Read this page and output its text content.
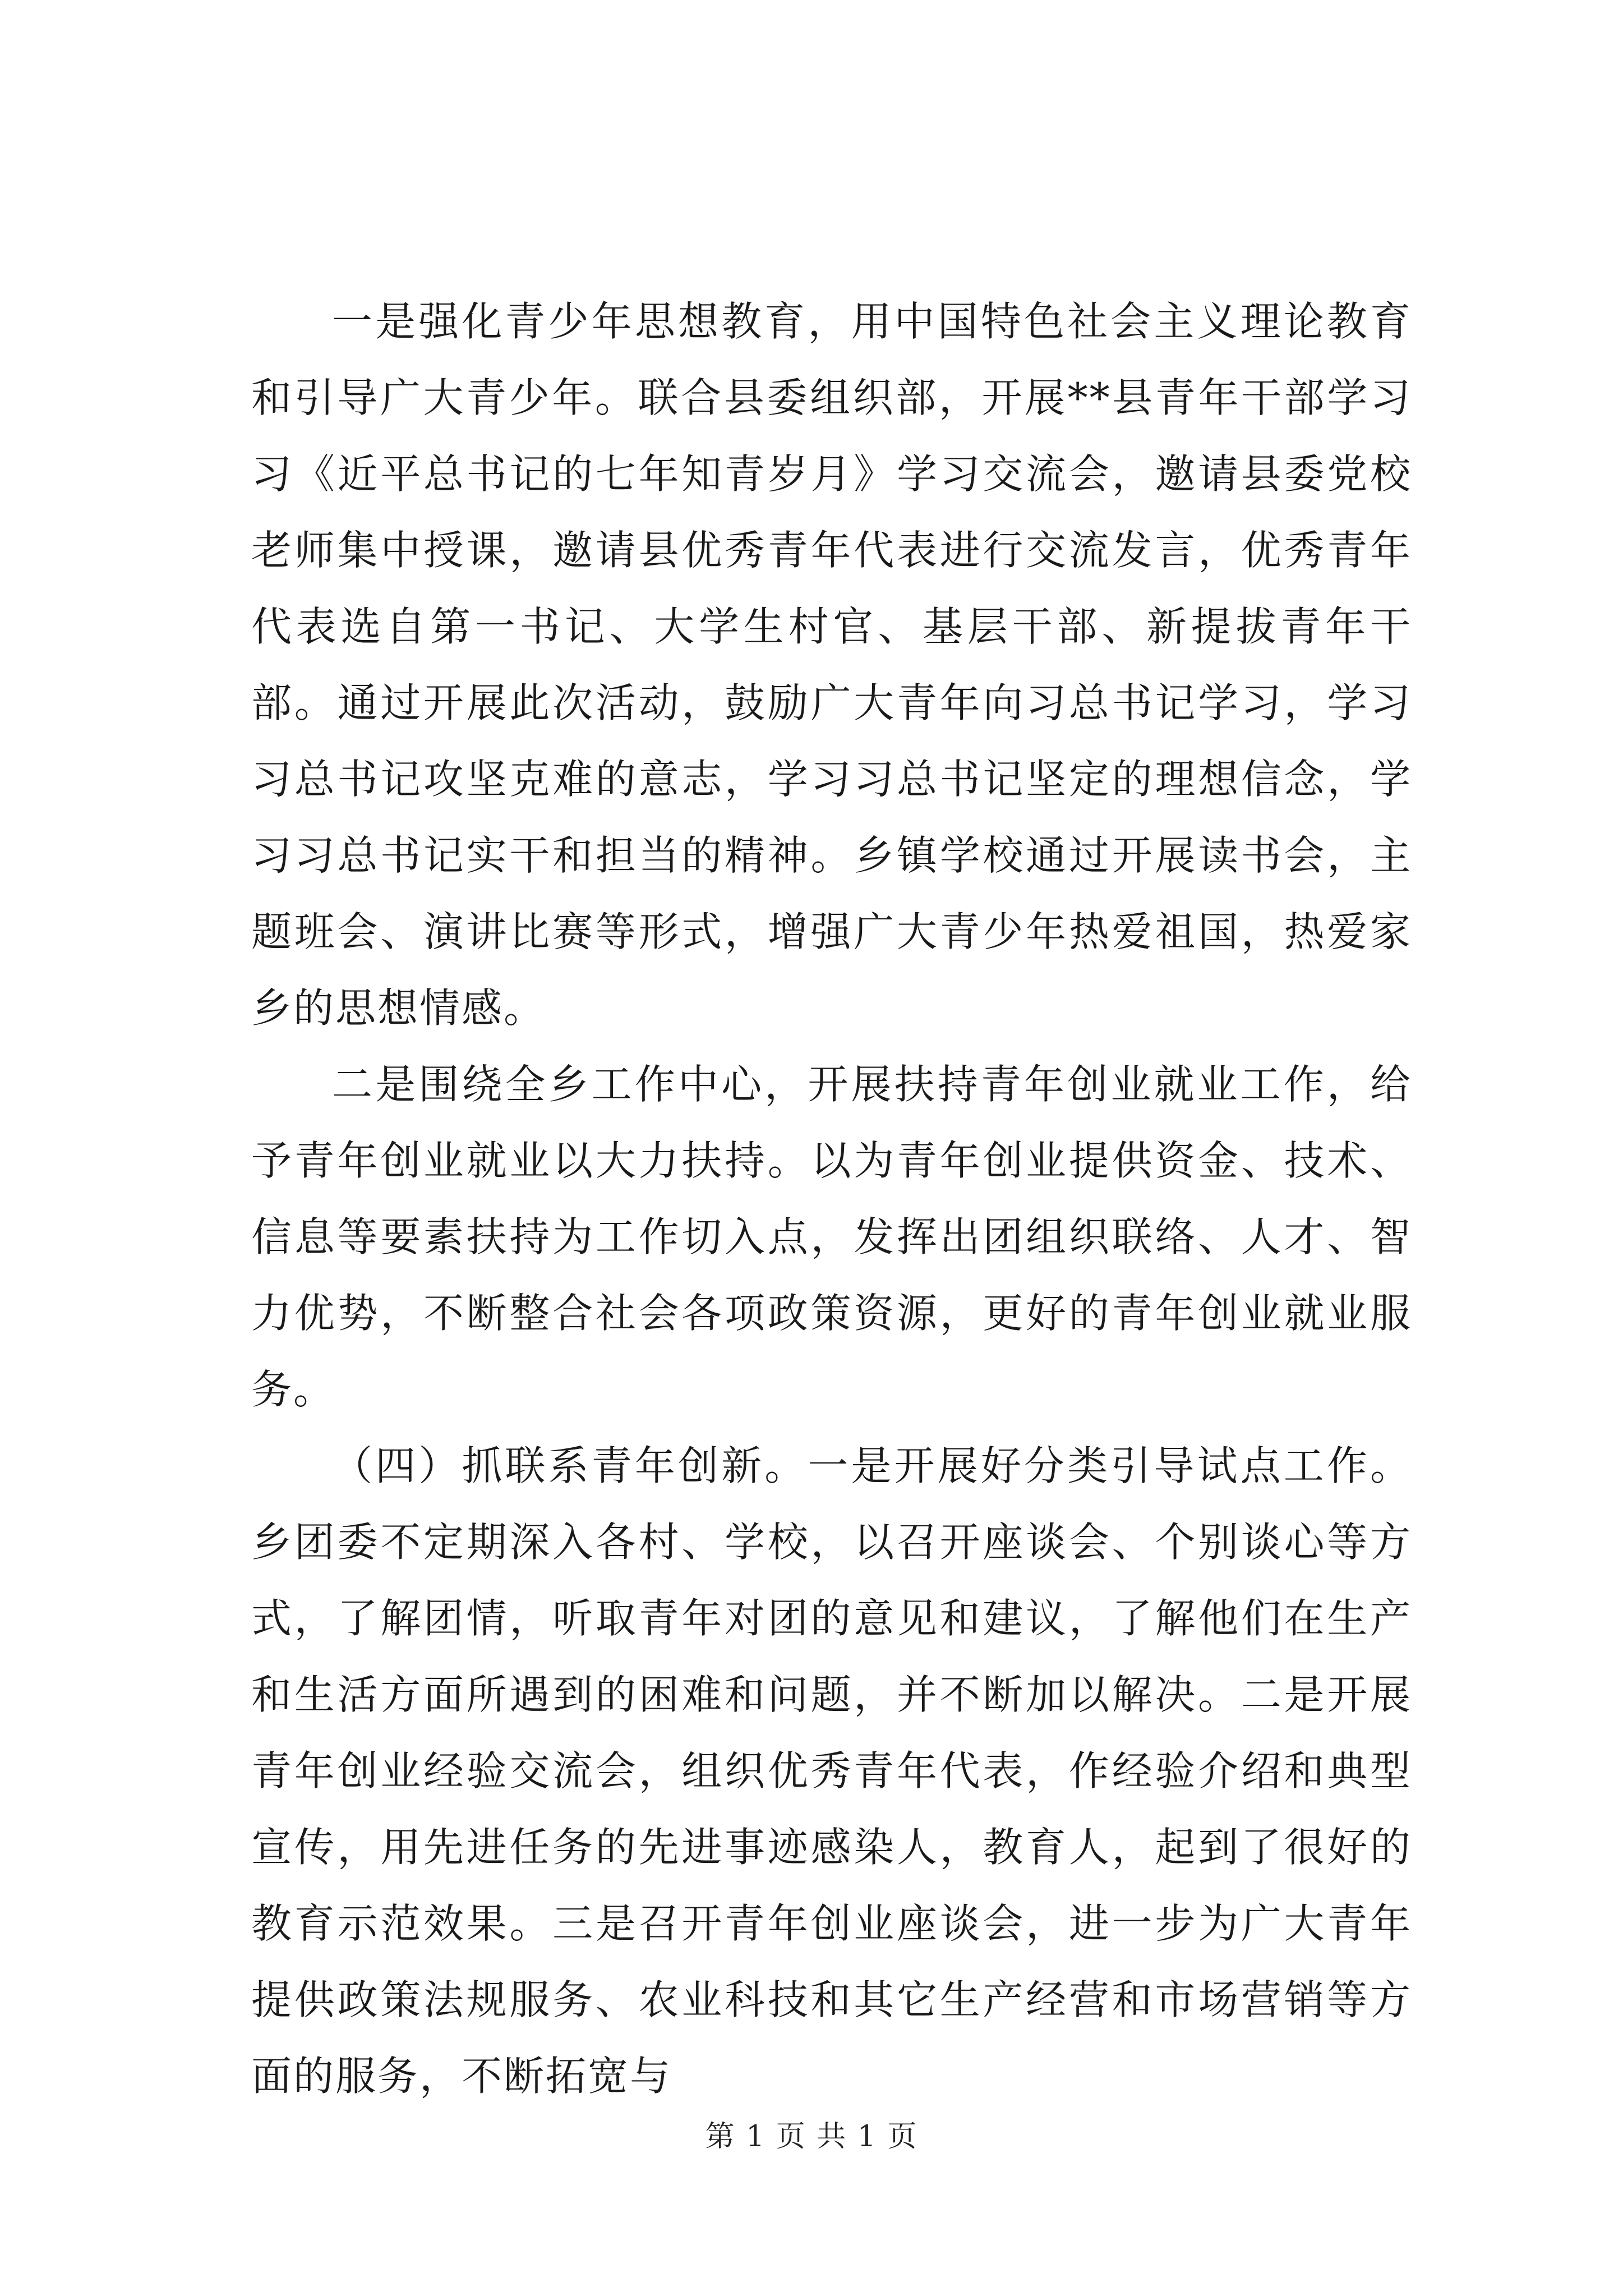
一是强化青少年思想教育，用中国特色社会主义理论教育和引导广大青少年。联合县委组织部，开展**县青年干部学习习《近平总书记的七年知青岁月》学习交流会，邀请县委党校老师集中授课，邀请县优秀青年代表进行交流发言，优秀青年代表选自第一书记、大学生村官、基层干部、新提拔青年干部。通过开展此次活动，鼓励广大青年向习总书记学习，学习习总书记攻坚克难的意志，学习习总书记坚定的理想信念，学习习总书记实干和担当的精神。乡镇学校通过开展读书会，主题班会、演讲比赛等形式，增强广大青少年热爱祖国，热爱家乡的思想情感。

二是围绕全乡工作中心，开展扶持青年创业就业工作，给予青年创业就业以大力扶持。以为青年创业提供资金、技术、信息等要素扶持为工作切入点，发挥出团组织联络、人才、智力优势，不断整合社会各项政策资源，更好的青年创业就业服务。

（四）抓联系青年创新。一是开展好分类引导试点工作。乡团委不定期深入各村、学校，以召开座谈会、个别谈心等方式，了解团情，听取青年对团的意见和建议，了解他们在生产和生活方面所遇到的困难和问题，并不断加以解决。二是开展青年创业经验交流会，组织优秀青年代表，作经验介绍和典型宣传，用先进任务的先进事迹感染人，教育人，起到了很好的教育示范效果。三是召开青年创业座谈会，进一步为广大青年提供政策法规服务、农业科技和其它生产经营和市场营销等方面的服务，不断拓宽与

第 1 页 共 1 页
